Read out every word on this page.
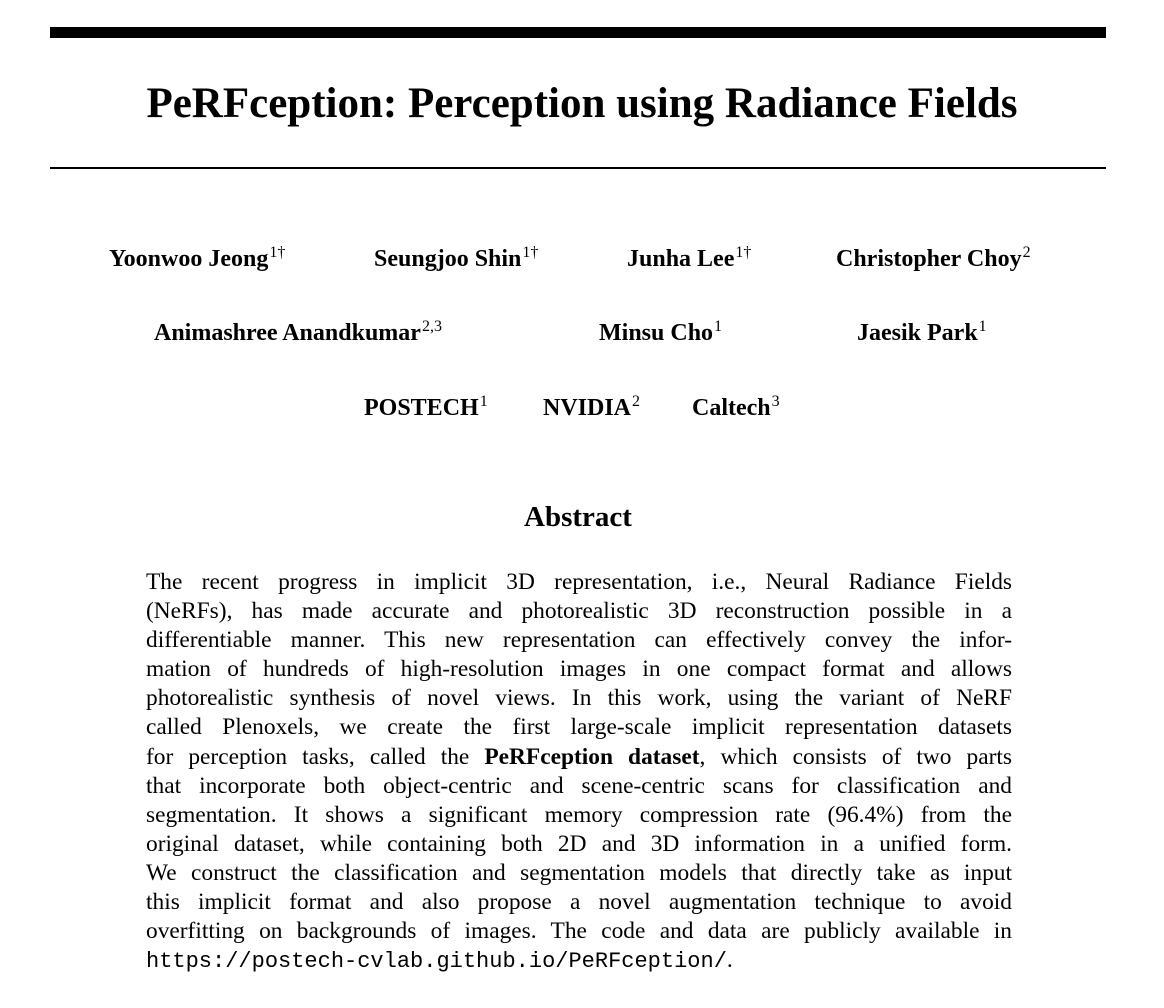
PeRFception: Perception using Radiance Fields
Yoonwoo Jeong$^{1\dagger}$	Seungjoo Shin$^{1\dagger}$	Junha Lee$^{1\dagger}$	Christopher Choy$^2$
Animashree Anandkumar$^{2,3}$	Minsu Cho$^1$	Jaesik Park$^1$
POSTECH$^1$ NVIDIA$^2$ Caltech$^3$
Abstract
The recent progress in implicit 3D representation, i.e., Neural Radiance Fields
(NeRFs), has made accurate and photorealistic 3D reconstruction possible in a
differentiable manner. This new representation can effectively convey the infor-
mation of hundreds of high-resolution images in one compact format and allows
photorealistic synthesis of novel views. In this work, using the variant of NeRF
called Plenoxels, we create the first large-scale implicit representation datasets
for perception tasks, called the PeRFception dataset, which consists of two parts
that incorporate both object-centric and scene-centric scans for classification and
segmentation. It shows a significant memory compression rate (96.4%) from the
original dataset, while containing both 2D and 3D information in a unified form.
We construct the classification and segmentation models that directly take as input
this implicit format and also propose a novel augmentation technique to avoid
overfitting on backgrounds of images. The code and data are publicly available in
https://postech-cvlab.github.io/PeRFception/.
